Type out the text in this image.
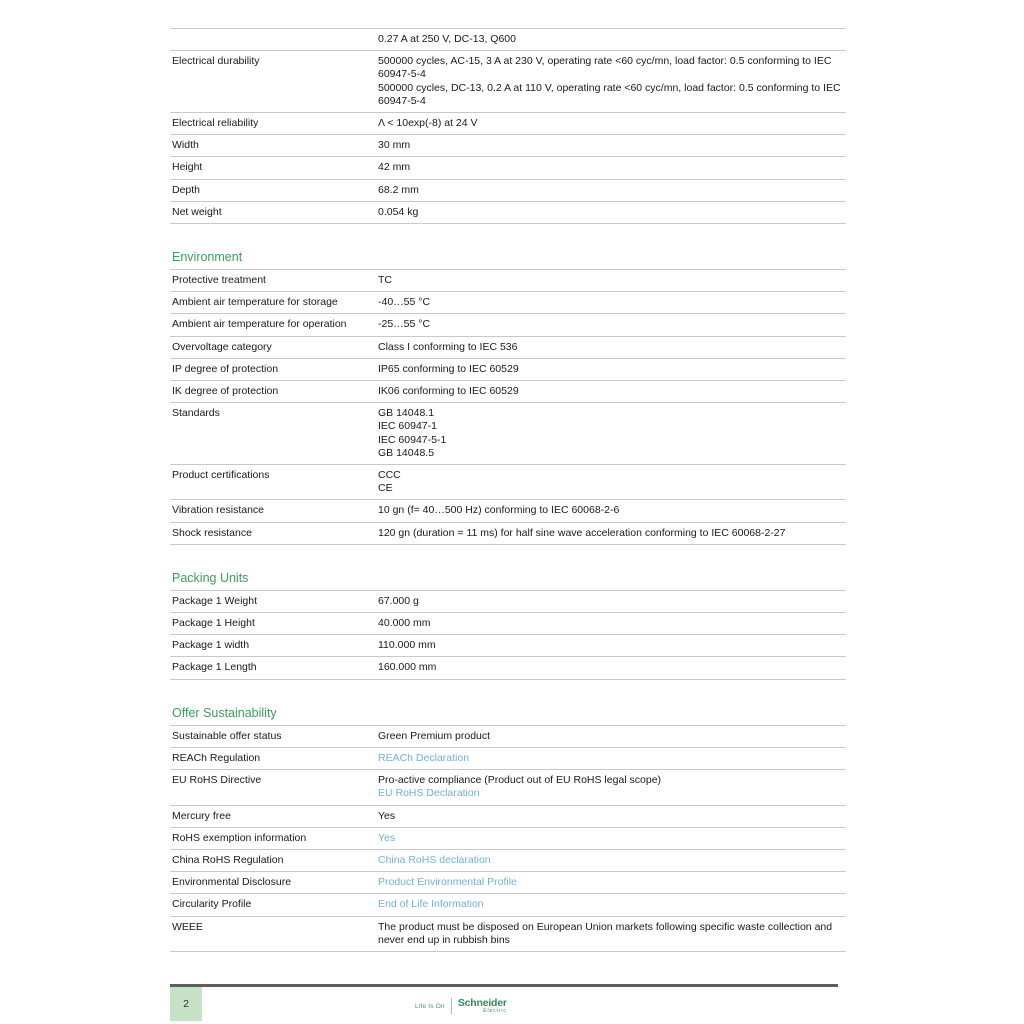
	0.27 A at 250 V, DC-13, Q600

Electrical durability	500000 cycles, AC-15, 3 A at 230 V, operating rate <60 cyc/mn, load factor: 0.5 conforming to IEC 60947-5-4
500000 cycles, DC-13, 0.2 A at 110 V, operating rate <60 cyc/mn, load factor: 0.5 conforming to IEC 60947-5-4

Electrical reliability	Λ < 10exp(-8) at 24 V

Width	30 mm

Height	42 mm

Depth	68.2 mm

Net weight	0.054 kg
Environment
Protective treatment	TC

Ambient air temperature for storage	-40…55 °C

Ambient air temperature for operation	-25…55 °C

Overvoltage category	Class I conforming to IEC 536

IP degree of protection	IP65 conforming to IEC 60529

IK degree of protection	IK06 conforming to IEC 60529

Standards	GB 14048.1
IEC 60947-1
IEC 60947-5-1
GB 14048.5

Product certifications	CCC
CE

Vibration resistance	10 gn (f= 40…500 Hz) conforming to IEC 60068-2-6

Shock resistance	120 gn (duration = 11 ms) for half sine wave acceleration conforming to IEC 60068-2-27
Packing Units
Package 1 Weight	67.000 g

Package 1 Height	40.000 mm

Package 1 width	110.000 mm

Package 1 Length	160.000 mm
Offer Sustainability
Sustainable offer status	Green Premium product

REACh Regulation	REACh Declaration

EU RoHS Directive	Pro-active compliance (Product out of EU RoHS legal scope)
EU RoHS Declaration

Mercury free	Yes

RoHS exemption information	Yes

China RoHS Regulation	China RoHS declaration

Environmental Disclosure	Product Environmental Profile

Circularity Profile	End of Life Information

WEEE	The product must be disposed on European Union markets following specific waste collection and never end up in rubbish bins
2	Life Is On	Schneider
Electric
